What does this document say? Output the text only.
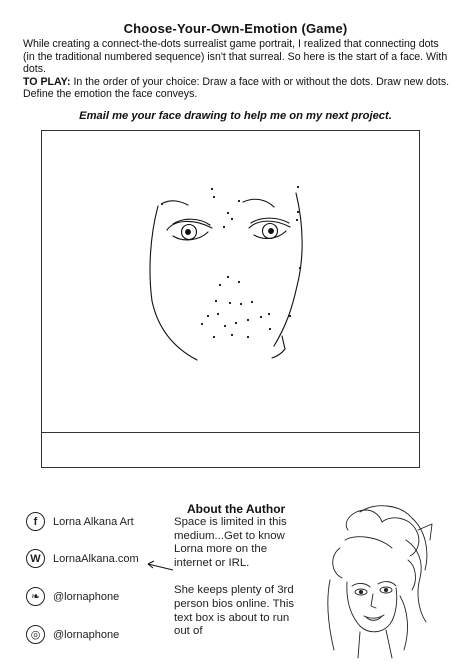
Choose-Your-Own-Emotion (Game)

While creating a connect-the-dots surrealist game portrait, I realized that connecting dots (in the traditional numbered sequence) isn't that surreal. So here is the start of a face. With dots.

TO PLAY: In the order of your choice: Draw a face with or without the dots. Draw new dots. Define the emotion the face conveys.

Email me your face drawing to help me on my next project.
f	Lorna Alkana Art
W	LornaAlkana.com
❧	@lornaphone
◎	@lornaphone
About the Author

Space is limited in this medium...Get to know Lorna more on the internet or IRL.

She keeps plenty of 3rd person bios online. This text box is about to run out of
